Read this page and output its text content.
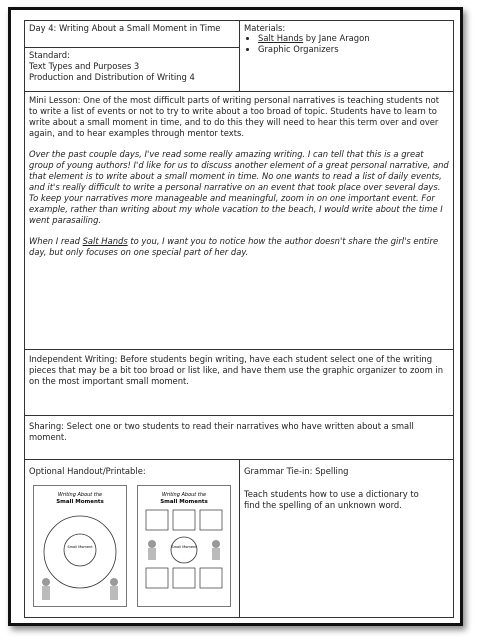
Day 4: Writing About a Small Moment in Time	Materials:
Standard:
Text Types and Purposes 3
Production and Distribution of Writing 4
• Salt Hands by Jane Aragon
• Graphic Organizers

Mini Lesson: One of the most difficult parts of writing personal narratives is teaching students not to write a list of events or not to try to write about a too broad of topic. Students have to learn to write about a small moment in time, and to do this they will need to hear this term over and over again, and to hear examples through mentor texts.

Over the past couple days, I've read some really amazing writing. I can tell that this is a great group of young authors! I'd like for us to discuss another element of a great personal narrative, and that element is to write about a small moment in time. No one wants to read a list of daily events, and it's really difficult to write a personal narrative on an event that took place over several days. To keep your narratives more manageable and meaningful, zoom in on one important event. For example, rather than writing about my whole vacation to the beach, I would write about the time I went parasailing.

When I read Salt Hands to you, I want you to notice how the author doesn't share the girl's entire day, but only focuses on one special part of her day.

Independent Writing: Before students begin writing, have each student select one of the writing pieces that may be a bit too broad or list like, and have them use the graphic organizer to zoom in on the most important small moment.
Sharing: Select one or two students to read their narratives who have written about a small moment.
Optional Handout/Printable:
Writing About the
Small Moments
Small Moment
Writing About the
Small Moments
Small Moment
Grammar Tie-in: Spelling
Teach students how to use a dictionary to find the spelling of an unknown word.
